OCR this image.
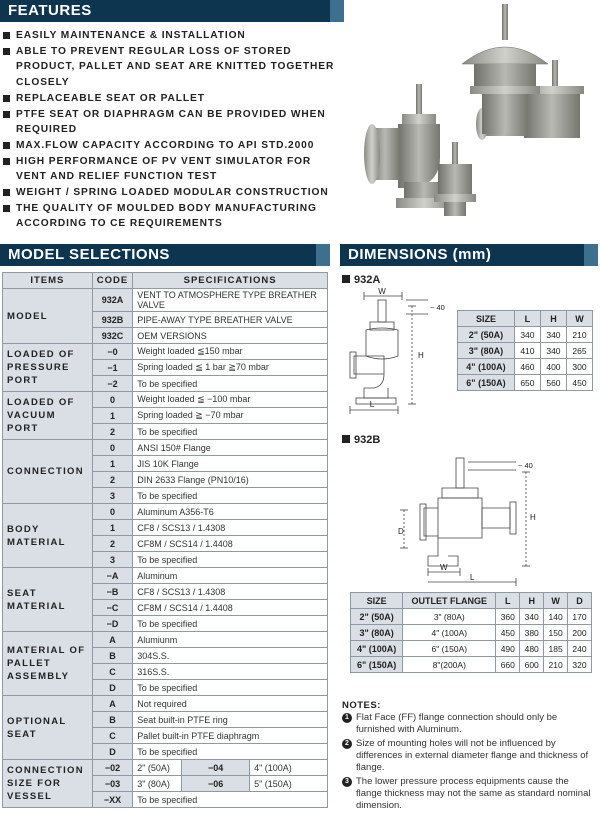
FEATURES
EASILY MAINTENANCE & INSTALLATION
ABLE TO PREVENT REGULAR LOSS OF STORED PRODUCT, PALLET AND SEAT ARE KNITTED TOGETHER CLOSELY
REPLACEABLE SEAT OR PALLET
PTFE SEAT OR DIAPHRAGM CAN BE PROVIDED WHEN REQUIRED
MAX.FLOW CAPACITY ACCORDING TO API STD.2000
HIGH PERFORMANCE OF PV VENT SIMULATOR FOR VENT AND RELIEF FUNCTION TEST
WEIGHT / SPRING LOADED MODULAR CONSTRUCTION
THE QUALITY OF MOULDED BODY MANUFACTURING ACCORDING TO CE REQUIREMENTS
MODEL SELECTIONS
ITEMS	CODE	SPECIFICATIONS		
MODEL	932A	VENT TO ATMOSPHERE TYPE BREATHER VALVE		
	932B	PIPE-AWAY TYPE BREATHER VALVE		
	932C	OEM VERSIONS		
LOADED OF PRESSURE PORT	−0	Weight loaded ≦150 mbar		
	−1	Spring loaded ≦ 1 bar ≧70 mbar		
	−2	To be specified		
LOADED OF VACUUM PORT	0	Weight loaded ≦ −100 mbar		
	1	Spring loaded ≧ −70 mbar		
	2	To be specified		
CONNECTION	0	ANSI 150# Flange		
	1	JIS 10K Flange		
	2	DIN 2633 Flange (PN10/16)		
	3	To be specified		
BODY MATERIAL	0	Aluminum A356-T6		
	1	CF8 / SCS13 / 1.4308		
	2	CF8M / SCS14 / 1.4408		
	3	To be specified		
SEAT MATERIAL	−A	Aluminum		
	−B	CF8 / SCS13 / 1.4308		
	−C	CF8M / SCS14 / 1.4408		
	−D	To be specified		
MATERIAL OF PALLET ASSEMBLY	A	Alumiunm		
	B	304S.S.		
	C	316S.S.		
	D	To be specified		
OPTIONAL SEAT	A	Not required		
	B	Seat built-in PTFE ring		
	C	Pallet built-in PTFE diaphragm		
	D	To be specified		
CONNECTION SIZE FOR VESSEL	−02	2" (50A)	−04	4" (100A)
	−03	3" (80A)	−06	5" (150A)
	−XX	To be specified		
DIMENSIONS (mm)
932A
W
H
L
~ 40
SIZE	L	H	W
2" (50A)	340	340	210
3" (80A)	410	340	265
4" (100A)	460	400	300
6" (150A)	650	560	450
932B
D
H
W
L
~ 40
SIZE	OUTLET FLANGE	L	H	W	D
2" (50A)	3" (80A)	360	340	140	170
3" (80A)	4" (100A)	450	380	150	200
4" (100A)	6" (150A)	490	480	185	240
6" (150A)	8"(200A)	660	600	210	320
NOTES:
1 Flat Face (FF) flange connection should only be furnished with Aluminum.
2 Size of mounting holes will not be influenced by differences in external diameter flange and thickness of flange.
3 The lower pressure process equipments cause the flange thickness may not the same as standard nominal dimension.
